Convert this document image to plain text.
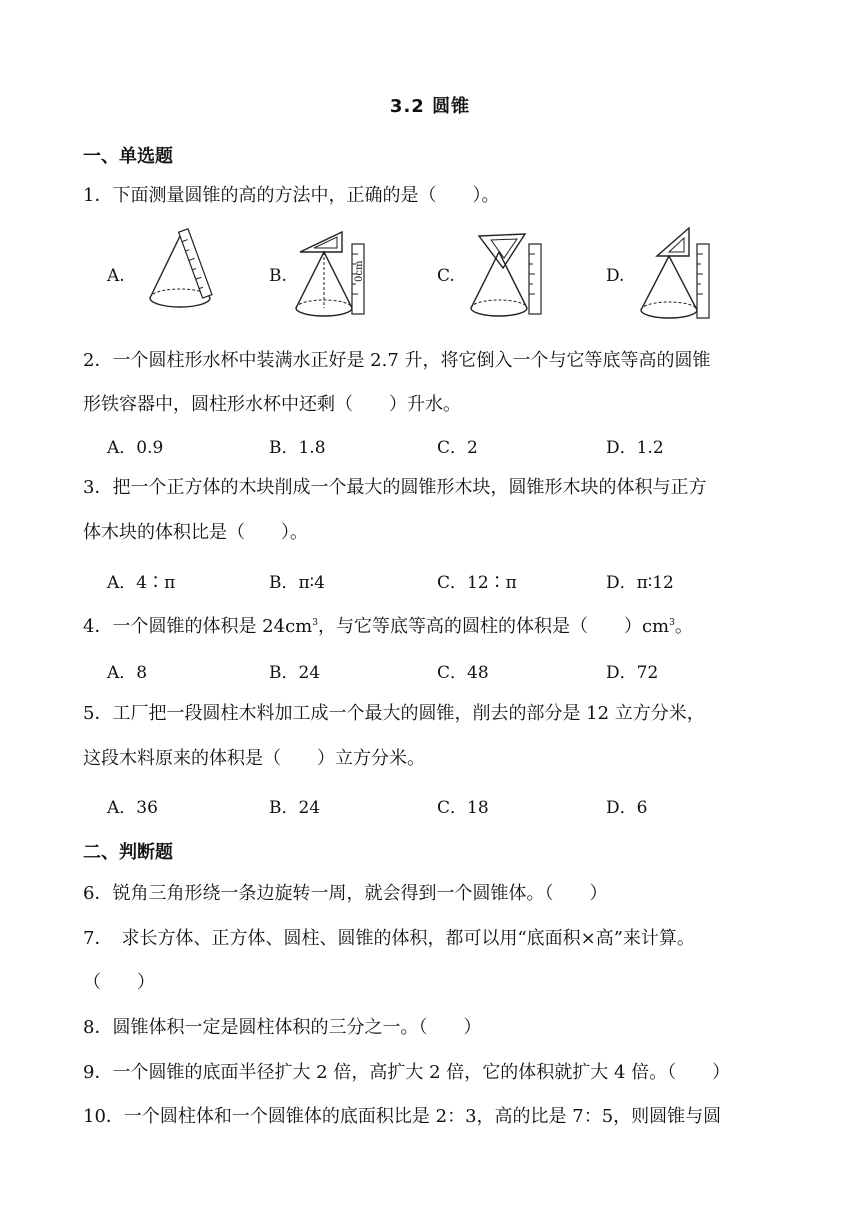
3.2 圆锥
一、单选题
1．下面测量圆锥的高的方法中，正确的是（　　）。
A.	B.	0cm	C.	D.
2．一个圆柱形水杯中装满水正好是 2.7 升，将它倒入一个与它等底等高的圆锥
形铁容器中，圆柱形水杯中还剩（　　）升水。
A．0.9	B．1.8	C．2	D．1.2
3．把一个正方体的木块削成一个最大的圆锥形木块，圆锥形木块的体积与正方
体木块的体积比是（　　）。
A．4∶π	B．π∶4	C．12∶π	D．π∶12
4．一个圆锥的体积是 $24cm^3$，与它等底等高的圆柱的体积是（　　）$cm^3$。
A．8	B．24	C．48	D．72
5．工厂把一段圆柱木料加工成一个最大的圆锥，削去的部分是 12 立方分米，
这段木料原来的体积是（　　）立方分米。
A．36	B．24	C．18	D．6
二、判断题
6．锐角三角形绕一条边旋转一周，就会得到一个圆锥体。（　　）
7．　求长方体、正方体、圆柱、圆锥的体积，都可以用“底面积×高”来计算。
（　　）
8．圆锥体积一定是圆柱体积的三分之一。（　　）
9．一个圆锥的底面半径扩大 2 倍，高扩大 2 倍，它的体积就扩大 4 倍。（　　）
10．一个圆柱体和一个圆锥体的底面积比是 2：3，高的比是 7：5，则圆锥与圆
